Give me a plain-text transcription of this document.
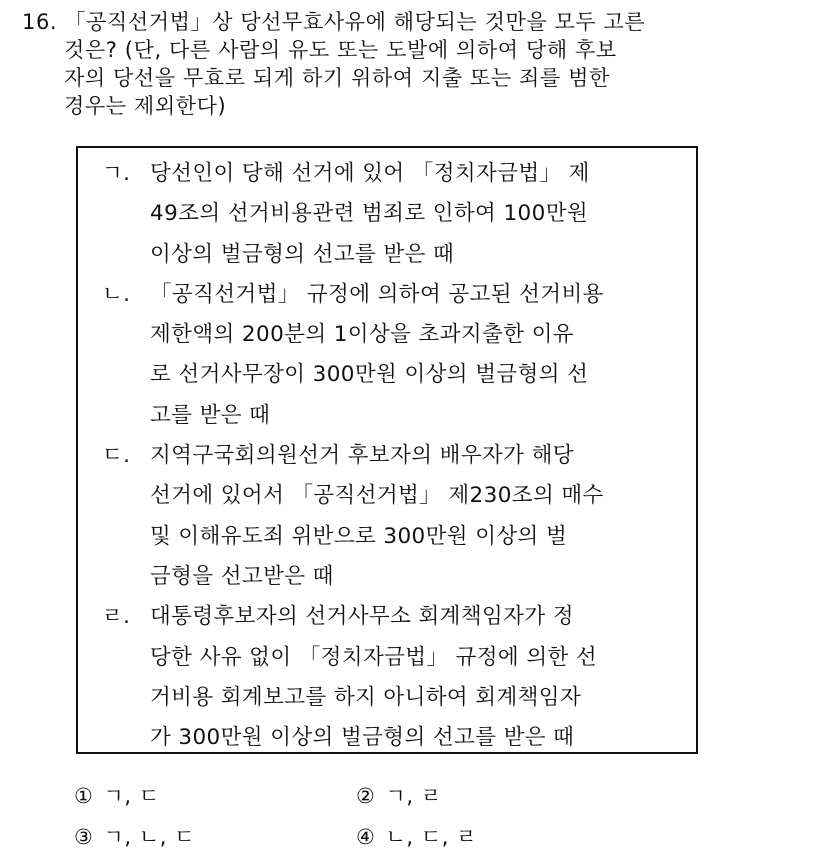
16. 「공직선거법」상 당선무효사유에 해당되는 것만을 모두 고른
것은? (단, 다른 사람의 유도 또는 도발에 의하여 당해 후보
자의 당선을 무효로 되게 하기 위하여 지출 또는 죄를 범한
경우는 제외한다)
ㄱ. 당선인이 당해 선거에 있어 「정치자금법」 제
49조의 선거비용관련 범죄로 인하여 100만원
이상의 벌금형의 선고를 받은 때
ㄴ. 「공직선거법」 규정에 의하여 공고된 선거비용
제한액의 200분의 1이상을 초과지출한 이유
로 선거사무장이 300만원 이상의 벌금형의 선
고를 받은 때
ㄷ. 지역구국회의원선거 후보자의 배우자가 해당
선거에 있어서 「공직선거법」 제230조의 매수
및 이해유도죄 위반으로 300만원 이상의 벌
금형을 선고받은 때
ㄹ. 대통령후보자의 선거사무소 회계책임자가 정
당한 사유 없이 「정치자금법」 규정에 의한 선
거비용 회계보고를 하지 아니하여 회계책임자
가 300만원 이상의 벌금형의 선고를 받은 때
① ㄱ, ㄷ	② ㄱ, ㄹ
③ ㄱ, ㄴ, ㄷ	④ ㄴ, ㄷ, ㄹ
